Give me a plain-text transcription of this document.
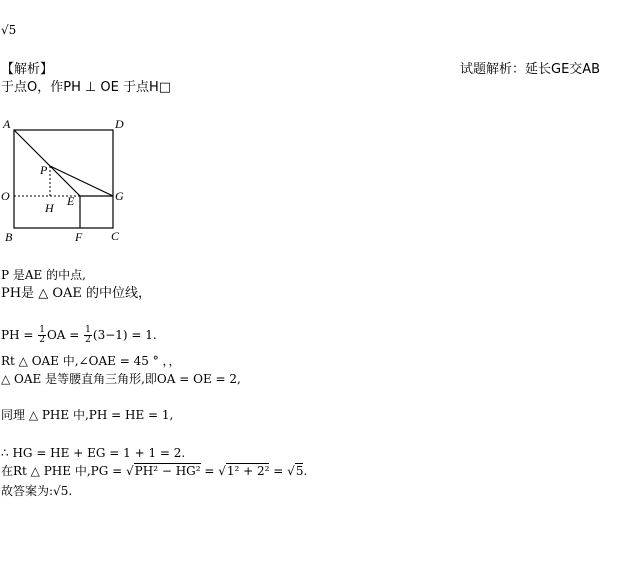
√5
【解析】	试题解析：延长GE交AB
于点O，作PH ⊥ OE 于点H□
A	D
P
O	G
H E
B	F C
P 是AE 的中点,
PH是 △ OAE 的中位线，
PH = $\frac{1}{2}$ OA = $\frac{1}{2} (3-1) = 1$.
Rt △ OAE 中,∠OAE = 45 ° ，，
△ OAE 是等腰直角三角形,即OA = OE = 2,
同理 △ PHE 中,PH = HE = 1,
∴ HG = HE + EG = 1 + 1 = 2.
在Rt △ PHE 中,PG = √PH² − HG² = √1² + 2² = √5.
故答案为:√5.
